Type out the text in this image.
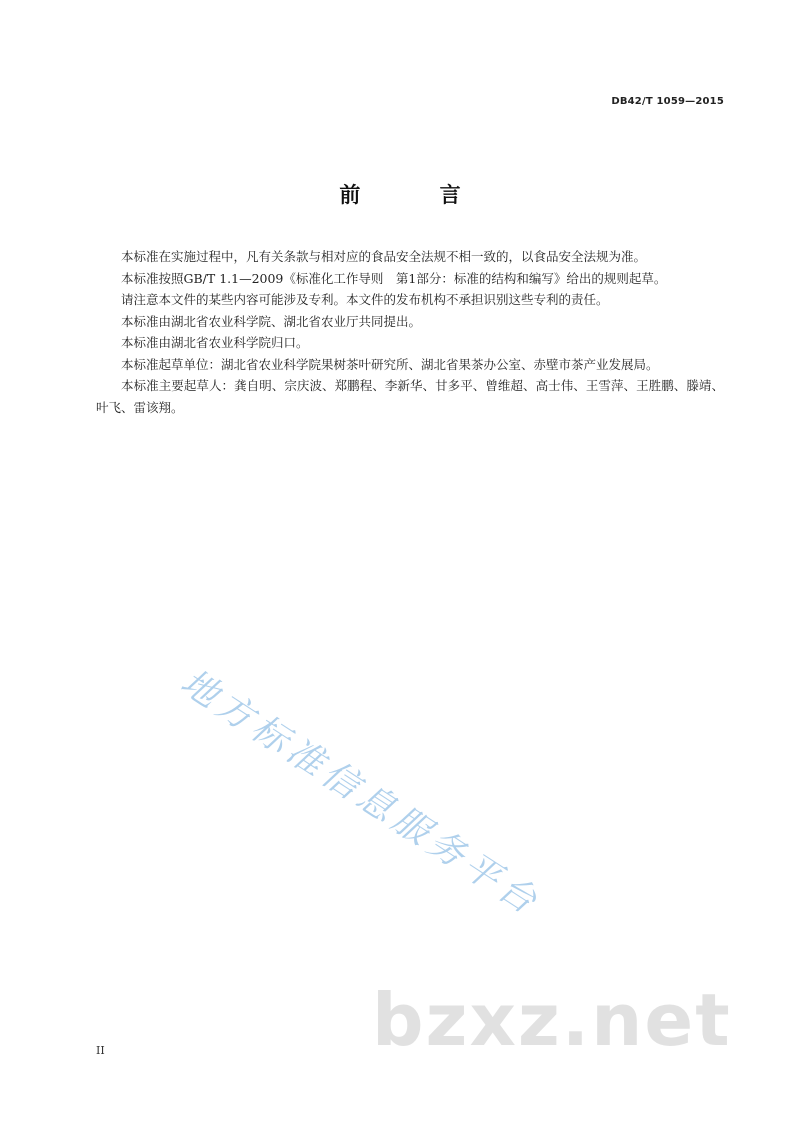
DB42/T 1059—2015
前 言

本标准在实施过程中，凡有关条款与相对应的食品安全法规不相一致的，以食品安全法规为准。

本标准按照GB/T 1.1—2009《标准化工作导则　第1部分：标准的结构和编写》给出的规则起草。

请注意本文件的某些内容可能涉及专利。本文件的发布机构不承担识别这些专利的责任。

本标准由湖北省农业科学院、湖北省农业厅共同提出。

本标准由湖北省农业科学院归口。

本标准起草单位：湖北省农业科学院果树茶叶研究所、湖北省果茶办公室、赤壁市茶产业发展局。

本标准主要起草人：龚自明、宗庆波、郑鹏程、李新华、甘多平、曾维超、高士伟、王雪萍、王胜鹏、滕靖、叶飞、雷该翔。

地方标准信息服务平台
bzxz.net
II
